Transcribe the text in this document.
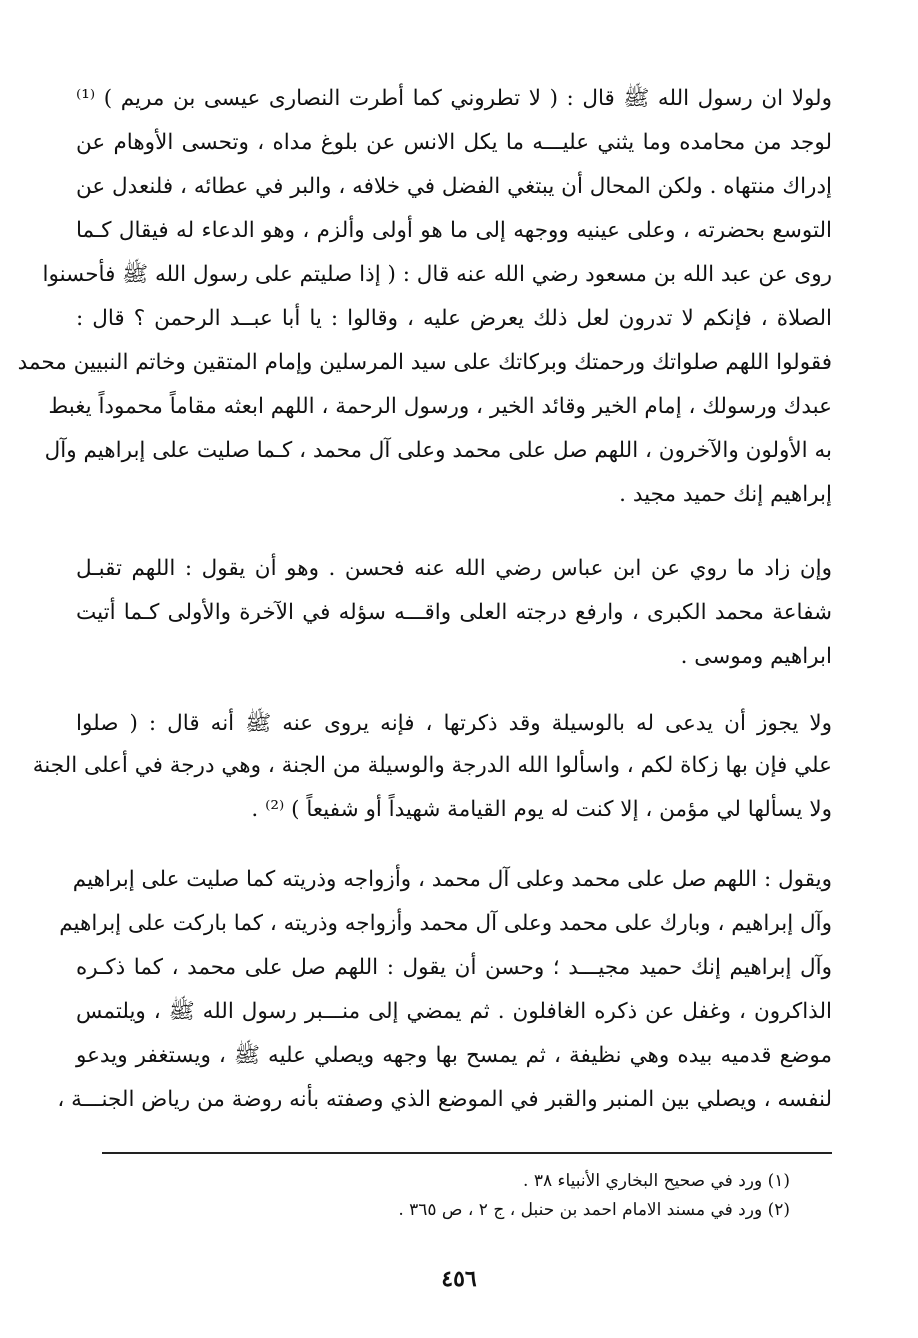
ولولا ان رسول الله ﷺ قال : ( لا تطروني كما أطرت النصارى عيسى بن مريم ) ⁽¹⁾
لوجد من محامده وما يثني عليـــه ما يكل الانس عن بلوغ مداه ، وتحسى الأوهام عن
إدراك منتهاه . ولكن المحال أن يبتغي الفضل في خلافه ، والبر في عطائه ، فلنعدل عن
التوسع بحضرته ، وعلى عينيه ووجهه إلى ما هو أولى وألزم ، وهو الدعاء له فيقال كـما
روى عن عبد الله بن مسعود رضي الله عنه قال : ( إذا صليتم على رسول الله ﷺ فأحسنوا
الصلاة ، فإنكم لا تدرون لعل ذلك يعرض عليه ، وقالوا : يا أبا عبــد الرحمن ؟ قال :
فقولوا اللهم صلواتك ورحمتك وبركاتك على سيد المرسلين وإمام المتقين وخاتم النبيين محمد
عبدك ورسولك ، إمام الخير وقائد الخير ، ورسول الرحمة ، اللهم ابعثه مقاماً محموداً يغبط
به الأولون والآخرون ، اللهم صل على محمد وعلى آل محمد ، كـما صليت على إبراهيم وآل
إبراهيم إنك حميد مجيد .
وإن زاد ما روي عن ابن عباس رضي الله عنه فحسن . وهو أن يقول : اللهم تقبـل
شفاعة محمد الكبرى ، وارفع درجته العلى واقـــه سؤله في الآخرة والأولى كـما أتيت
ابراهيم وموسى .
ولا يجوز أن يدعى له بالوسيلة وقد ذكرتها ، فإنه يروى عنه ﷺ أنه قال : ( صلوا
علي فإن بها زكاة لكم ، واسألوا الله الدرجة والوسيلة من الجنة ، وهي درجة في أعلى الجنة
ولا يسألها لي مؤمن ، إلا كنت له يوم القيامة شهيداً أو شفيعاً ) ⁽²⁾ .
ويقول : اللهم صل على محمد وعلى آل محمد ، وأزواجه وذريته كما صليت على إبراهيم
وآل إبراهيم ، وبارك على محمد وعلى آل محمد وأزواجه وذريته ، كما باركت على إبراهيم
وآل إبراهيم إنك حميد مجيـــد ؛ وحسن أن يقول : اللهم صل على محمد ، كما ذكـره
الذاكرون ، وغفل عن ذكره الغافلون . ثم يمضي إلى منـــبر رسول الله ﷺ ، ويلتمس
موضع قدميه بيده وهي نظيفة ، ثم يمسح بها وجهه ويصلي عليه ﷺ ، ويستغفر ويدعو
لنفسه ، ويصلي بين المنبر والقبر في الموضع الذي وصفته بأنه روضة من رياض الجنـــة ،
(١) ورد في صحيح البخاري الأنبياء ٣٨ .
(٢) ورد في مسند الامام احمد بن حنبل ، ج ٢ ، ص ٣٦٥ .
٤٥٦
